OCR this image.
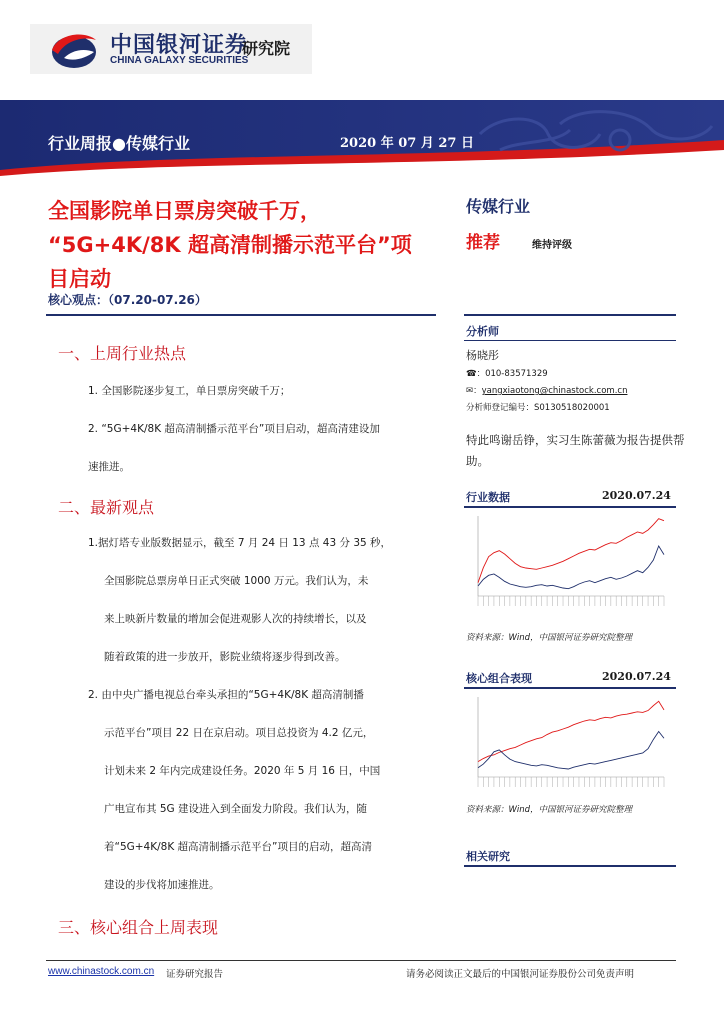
中国银河证券
CHINA GALAXY SECURITIES
研究院
行业周报●传媒行业	2020 年 07 月 27 日
全国影院单日票房突破千万，
“5G+4K/8K 超高清制播示范平台”项
目启动
核心观点：（07.20-07.26）
一、上周行业热点
1. 全国影院逐步复工，单日票房突破千万；
2. “5G+4K/8K 超高清制播示范平台”项目启动，超高清建设加
速推进。
二、最新观点
1.据灯塔专业版数据显示，截至 7 月 24 日 13 点 43 分 35 秒，
全国影院总票房单日正式突破 1000 万元。我们认为，未
来上映新片数量的增加会促进观影人次的持续增长，以及
随着政策的进一步放开，影院业绩将逐步得到改善。
2. 由中央广播电视总台牵头承担的“5G+4K/8K 超高清制播
示范平台”项目 22 日在京启动。项目总投资为 4.2 亿元，
计划未来 2 年内完成建设任务。2020 年 5 月 16 日，中国
广电宣布其 5G 建设进入到全面发力阶段。我们认为，随
着“5G+4K/8K 超高清制播示范平台”项目的启动，超高清
建设的步伐将加速推进。
三、核心组合上周表现
传媒行业
推荐	维持评级
分析师
杨晓彤
☎：010-83571329
✉：yangxiaotong@chinastock.com.cn
分析师登记编号：S0130518020001
特此鸣谢岳铮，实习生陈蕾薇为报告提供帮助。
行业数据	2020.07.24
资料来源：Wind，中国银河证券研究院整理
核心组合表现	2020.07.24
资料来源：Wind，中国银河证券研究院整理
相关研究
www.chinastock.com.cn 证券研究报告	请务必阅读正文最后的中国银河证券股份公司免责声明
